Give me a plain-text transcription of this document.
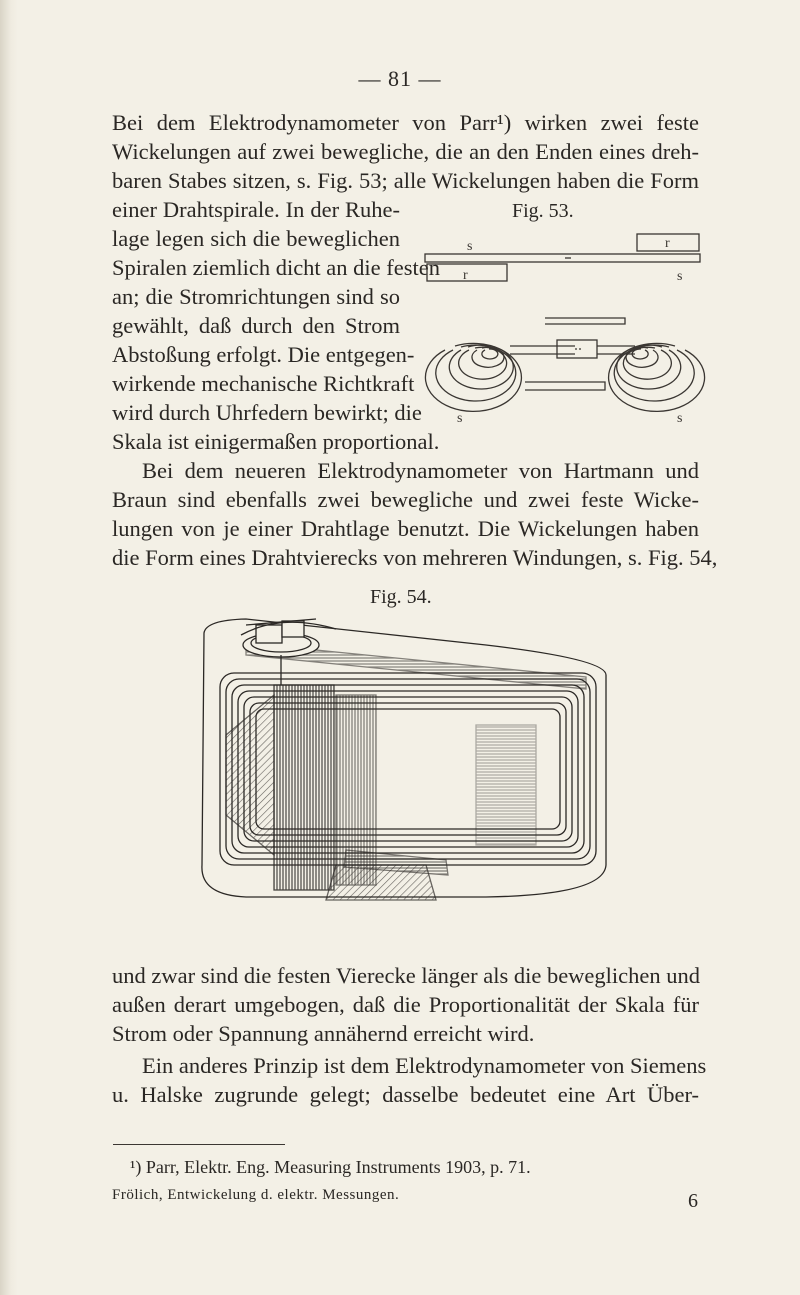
— 81 —
Bei dem Elektrodynamometer von Parr¹) wirken zwei feste
Wickelungen auf zwei bewegliche, die an den Enden eines dreh-
baren Stabes sitzen, s. Fig. 53; alle Wickelungen haben die Form
einer Drahtspirale. In der Ruhe-
lage legen sich die beweglichen
Spiralen ziemlich dicht an die festen
an; die Stromrichtungen sind so
gewählt, daß durch den Strom
Abstoßung erfolgt. Die entgegen-
wirkende mechanische Richtkraft
wird durch Uhrfedern bewirkt; die
Skala ist einigermaßen proportional.
Fig. 53.
s	r
r	s
s	s
Bei dem neueren Elektrodynamometer von Hartmann und
Braun sind ebenfalls zwei bewegliche und zwei feste Wicke-
lungen von je einer Drahtlage benutzt. Die Wickelungen haben
die Form eines Drahtvierecks von mehreren Windungen, s. Fig. 54,
Fig. 54.
und zwar sind die festen Vierecke länger als die beweglichen und
außen derart umgebogen, daß die Proportionalität der Skala für
Strom oder Spannung annähernd erreicht wird.
Ein anderes Prinzip ist dem Elektrodynamometer von Siemens
u. Halske zugrunde gelegt; dasselbe bedeutet eine Art Über-
¹) Parr, Elektr. Eng. Measuring Instruments 1903, p. 71.
Frölich, Entwickelung d. elektr. Messungen.	6
